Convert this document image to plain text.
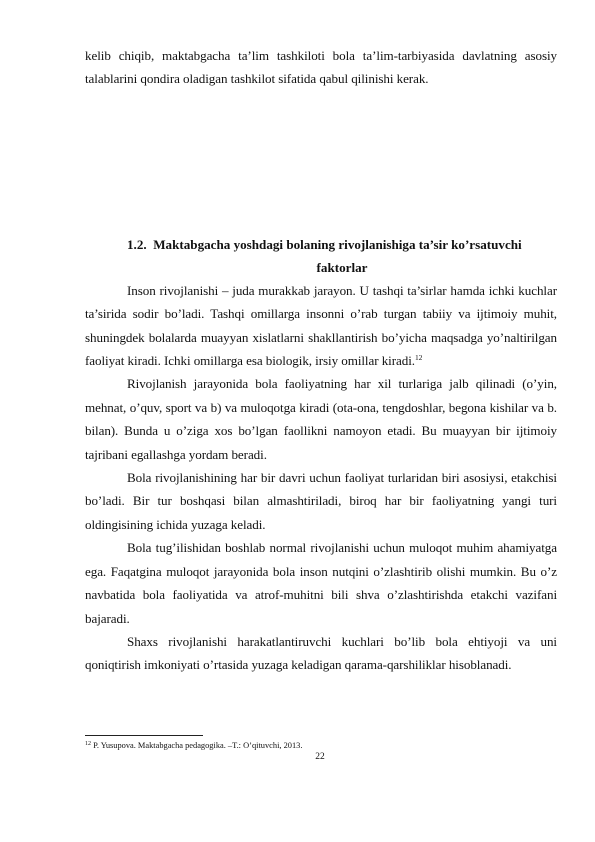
kelib chiqib, maktabgacha ta’lim tashkiloti bola ta’lim-tarbiyasida davlatning asosiy talablarini qondira oladigan tashkilot sifatida qabul qilinishi kerak.

1.2. Maktabgacha yoshdagi bolaning rivojlanishiga ta’sir ko’rsatuvchi
faktorlar

Inson rivojlanishi – juda murakkab jarayon. U tashqi ta’sirlar hamda ichki kuchlar ta’sirida sodir bo’ladi. Tashqi omillarga insonni o’rab turgan tabiiy va ijtimoiy muhit, shuningdek bolalarda muayyan xislatlarni shakllantirish bo’yicha maqsadga yo’naltirilgan faoliyat kiradi. Ichki omillarga esa biologik, irsiy omillar kiradi.$^{12}$

Rivojlanish jarayonida bola faoliyatning har xil turlariga jalb qilinadi (o’yin, mehnat, o’quv, sport va b) va muloqotga kiradi (ota-ona, tengdoshlar, begona kishilar va b. bilan). Bunda u o’ziga xos bo’lgan faollikni namoyon etadi. Bu muayyan bir ijtimoiy tajribani egallashga yordam beradi.

Bola rivojlanishining har bir davri uchun faoliyat turlaridan biri asosiysi, etakchisi bo’ladi. Bir tur boshqasi bilan almashtiriladi, biroq har bir faoliyatning yangi turi oldingisining ichida yuzaga keladi.

Bola tug’ilishidan boshlab normal rivojlanishi uchun muloqot muhim ahamiyatga ega. Faqatgina muloqot jarayonida bola inson nutqini o’zlashtirib olishi mumkin. Bu o’z navbatida bola faoliyatida va atrof-muhitni bili shva o’zlashtirishda etakchi vazifani bajaradi.

Shaxs rivojlanishi harakatlantiruvchi kuchlari bo’lib bola ehtiyoji va uni qoniqtirish imkoniyati o’rtasida yuzaga keladigan qarama-qarshiliklar hisoblanadi.

$^{12}$ P. Yusupova. Maktabgacha pedagogika. –T.: O’qituvchi, 2013.
22
